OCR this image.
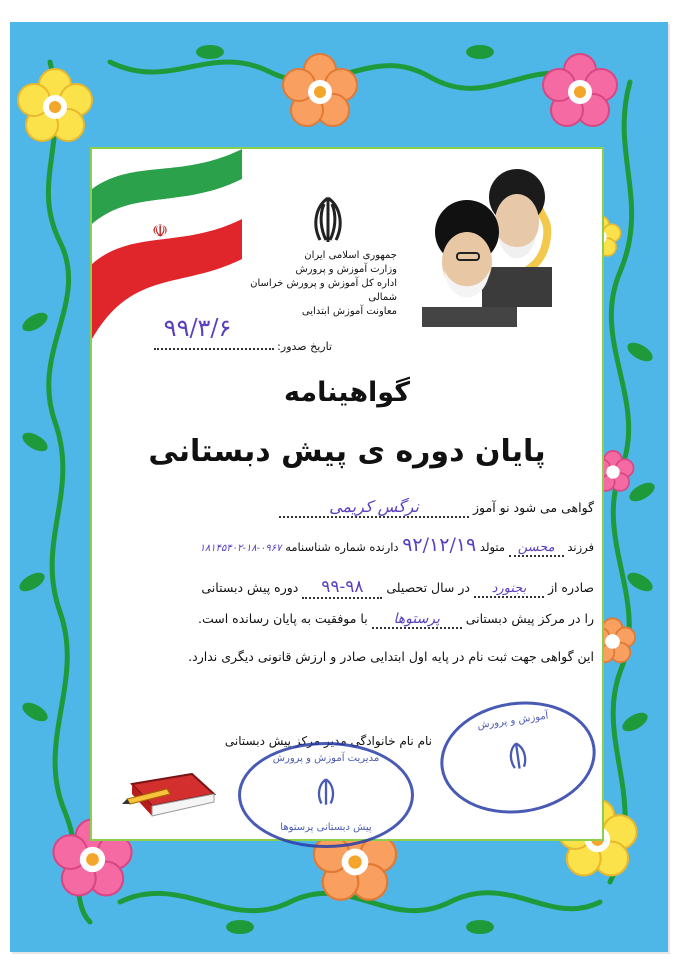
☫
جمهوری اسلامی ایران
وزارت آموزش و پرورش
اداره کل آموزش و پرورش خراسان شمالی
معاونت آموزش ابتدایی
تاریخ صدور:
۹۹/۳/۶
گواهینامه
پایان دوره ی پیش دبستانی
گواهی می شود نو آموز نرگس کریمی
فرزند محسن متولد ۹۲/۱۲/۱۹ دارنده شماره شناسنامه ۰۹۶۷-۱۸-۱۸۱۴۵۴۰۲
صادره از بجنورد در سال تحصیلی ۹۹-۹۸ دوره پیش دبستانی
را در مرکز پیش دبستانی پرستوها با موفقیت به پایان رسانده است.
این گواهی جهت ثبت نام در پایه اول ابتدایی صادر و ارزش قانونی دیگری ندارد.
نام نام خانوادگی مدیر مرکز پیش دبستانی
مدیریت آموزش و پرورش
پیش دبستانی پرستوها
آموزش و پرورش
